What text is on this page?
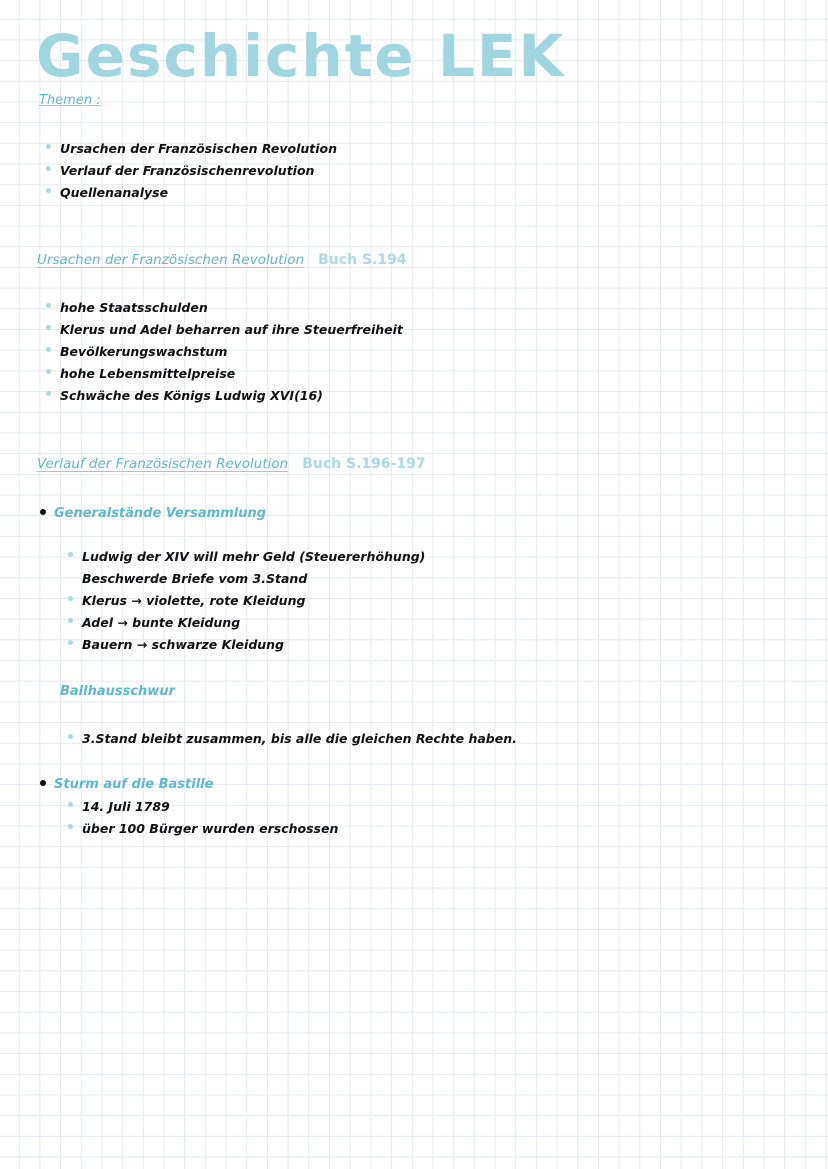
Geschichte LEK
Themen :
Ursachen der Französischen Revolution
Verlauf der Französischenrevolution
Quellenanalyse
Ursachen der Französischen Revolution Buch S.194
hohe Staatsschulden
Klerus und Adel beharren auf ihre Steuerfreiheit
Bevölkerungswachstum
hohe Lebensmittelpreise
Schwäche des Königs Ludwig XVI(16)
Verlauf der Französischen Revolution Buch S.196-197
Generalstände Versammlung
Ludwig der XIV will mehr Geld (Steuererhöhung)
Beschwerde Briefe vom 3.Stand
Klerus → violette, rote Kleidung
Adel → bunte Kleidung
Bauern → schwarze Kleidung
Ballhausschwur
3.Stand bleibt zusammen, bis alle die gleichen Rechte haben.
Sturm auf die Bastille
14. Juli 1789
über 100 Bürger wurden erschossen
